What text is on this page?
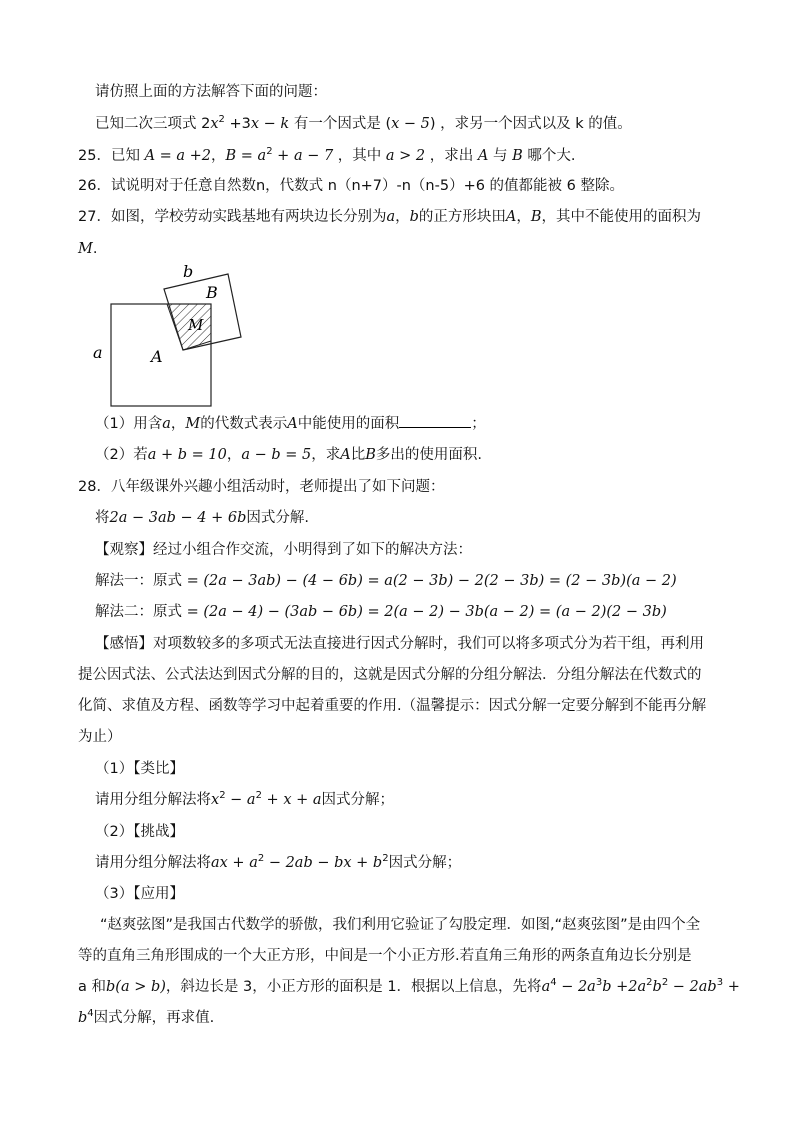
请仿照上面的方法解答下面的问题：
已知二次三项式 $2x^2 +3x - k$ 有一个因式是 (x − 5) ，求另一个因式以及 k 的值。
25．已知 A = a +2，$B = a^2 + a - 7$ ，其中 a > 2 ，求出 A 与 B 哪个大.
26．试说明对于任意自然数n，代数式 n（n+7）-n（n-5）+6 的值都能被 6 整除。
27．如图，学校劳动实践基地有两块边长分别为a，b的正方形块田A，B，其中不能使用的面积为
M.
a
b
A
B
M
（1）用含a，M的代数式表示A中能使用的面积	；
（2）若a + b = 10，a − b = 5，求A比B多出的使用面积.
28．八年级课外兴趣小组活动时，老师提出了如下问题：
将2a − 3ab − 4 + 6b因式分解.
【观察】经过小组合作交流，小明得到了如下的解决方法：
解法一：原式 = (2a − 3ab) − (4 − 6b) = a(2 − 3b) − 2(2 − 3b) = (2 − 3b)(a − 2)
解法二：原式 = (2a − 4) − (3ab − 6b) = 2(a − 2) − 3b(a − 2) = (a − 2)(2 − 3b)
【感悟】对项数较多的多项式无法直接进行因式分解时，我们可以将多项式分为若干组，再利用
提公因式法、公式法达到因式分解的目的，这就是因式分解的分组分解法．分组分解法在代数式的
化简、求值及方程、函数等学习中起着重要的作用.（温馨提示：因式分解一定要分解到不能再分解
为止）
（1）【类比】
请用分组分解法将$x^2 - a^2 + x + a$因式分解；
（2）【挑战】
请用分组分解法将ax + $a^2 - 2ab$ − bx + $b^2$因式分解；
（3）【应用】
“赵爽弦图”是我国古代数学的骄傲，我们利用它验证了勾股定理．如图,“赵爽弦图”是由四个全
等的直角三角形围成的一个大正方形，中间是一个小正方形.若直角三角形的两条直角边长分别是
a 和b(a > b)，斜边长是 3，小正方形的面积是 1．根据以上信息，先将$a^4 - 2a^3b +2a^2b^2 - 2ab^3$ +
$b^4$因式分解，再求值.
